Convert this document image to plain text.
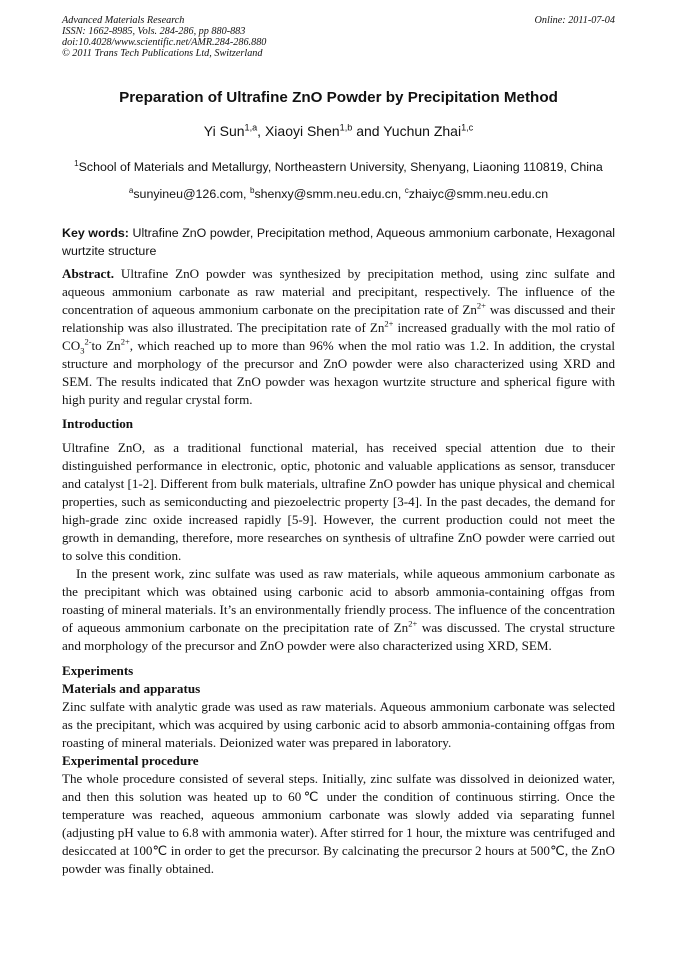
Advanced Materials Research
ISSN: 1662-8985, Vols. 284-286, pp 880-883
doi:10.4028/www.scientific.net/AMR.284-286.880
© 2011 Trans Tech Publications Ltd, Switzerland
Online: 2011-07-04
Preparation of Ultrafine ZnO Powder by Precipitation Method
Yi Sun$^{1,a}$, Xiaoyi Shen$^{1,b}$ and Yuchun Zhai$^{1,c}$
$^1$School of Materials and Metallurgy, Northeastern University, Shenyang, Liaoning 110819, China
$^a$sunyineu@126.com, $^b$shenxy@smm.neu.edu.cn, $^c$zhaiyc@smm.neu.edu.cn
Key words: Ultrafine ZnO powder, Precipitation method, Aqueous ammonium carbonate, Hexagonal wurtzite structure

Abstract. Ultrafine ZnO powder was synthesized by precipitation method, using zinc sulfate and aqueous ammonium carbonate as raw material and precipitant, respectively. The influence of the concentration of aqueous ammonium carbonate on the precipitation rate of $Zn^{2+}$ was discussed and their relationship was also illustrated. The precipitation rate of $Zn^{2+}$ increased gradually with the mol ratio of $CO_3^{2-}to$ $Zn^{2+}$, which reached up to more than 96% when the mol ratio was 1.2. In addition, the crystal structure and morphology of the precursor and ZnO powder were also characterized using XRD and SEM. The results indicated that ZnO powder was hexagon wurtzite structure and spherical figure with high purity and regular crystal form.

Introduction

Ultrafine ZnO, as a traditional functional material, has received special attention due to their distinguished performance in electronic, optic, photonic and valuable applications as sensor, transducer and catalyst [1-2]. Different from bulk materials, ultrafine ZnO powder has unique physical and chemical properties, such as semiconducting and piezoelectric property [3-4]. In the past decades, the demand for high-grade zinc oxide increased rapidly [5-9]. However, the current production could not meet the growth in demanding, therefore, more researches on synthesis of ultrafine ZnO powder were carried out to solve this condition.

In the present work, zinc sulfate was used as raw materials, while aqueous ammonium carbonate as the precipitant which was obtained using carbonic acid to absorb ammonia-containing offgas from roasting of mineral materials. It’s an environmentally friendly process. The influence of the concentration of aqueous ammonium carbonate on the precipitation rate of $Zn^{2+}$ was discussed. The crystal structure and morphology of the precursor and ZnO powder were also characterized using XRD, SEM.

Experiments

Materials and apparatus

Zinc sulfate with analytic grade was used as raw materials. Aqueous ammonium carbonate was selected as the precipitant, which was acquired by using carbonic acid to absorb ammonia-containing offgas from roasting of mineral materials. Deionized water was prepared in laboratory.

Experimental procedure

The whole procedure consisted of several steps. Initially, zinc sulfate was dissolved in deionized water, and then this solution was heated up to 60℃ under the condition of continuous stirring. Once the temperature was reached, aqueous ammonium carbonate was slowly added via separating funnel (adjusting pH value to 6.8 with ammonia water). After stirred for 1 hour, the mixture was centrifuged and desiccated at 100℃ in order to get the precursor. By calcinating the precursor 2 hours at 500℃, the ZnO powder was finally obtained.
